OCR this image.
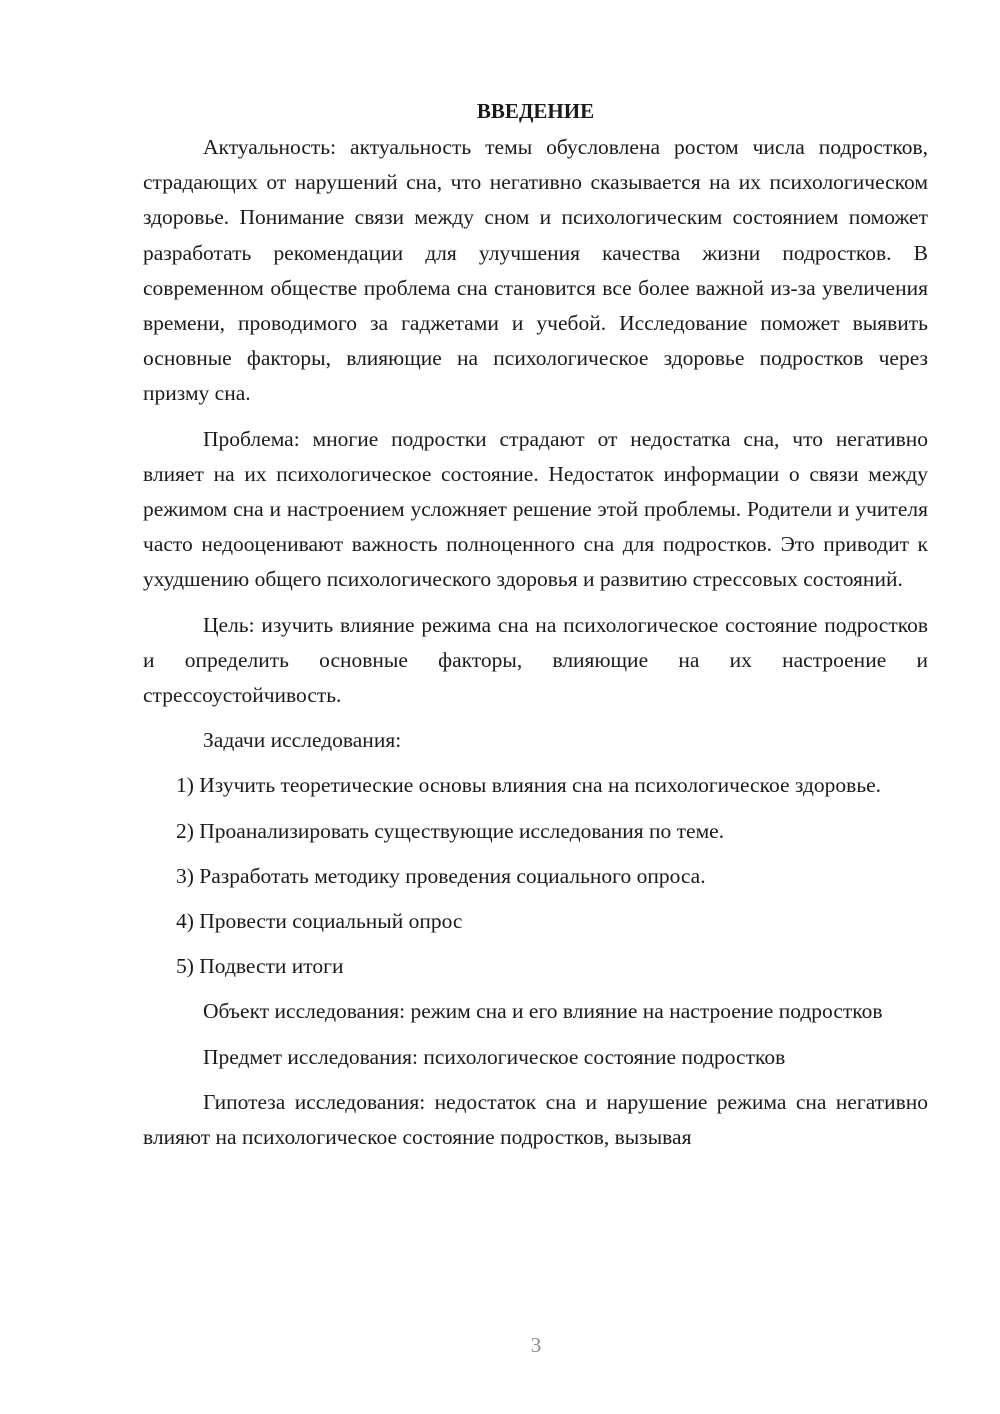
ВВЕДЕНИЕ

Актуальность: актуальность темы обусловлена ростом числа подростков, страдающих от нарушений сна, что негативно сказывается на их психологическом здоровье. Понимание связи между сном и психологическим состоянием поможет разработать рекомендации для улучшения качества жизни подростков. В современном обществе проблема сна становится все более важной из-за увеличения времени, проводимого за гаджетами и учебой. Исследование поможет выявить основные факторы, влияющие на психологическое здоровье подростков через призму сна.

Проблема: многие подростки страдают от недостатка сна, что негативно влияет на их психологическое состояние. Недостаток информации о связи между режимом сна и настроением усложняет решение этой проблемы. Родители и учителя часто недооценивают важность полноценного сна для подростков. Это приводит к ухудшению общего психологического здоровья и развитию стрессовых состояний.

Цель: изучить влияние режима сна на психологическое состояние подростков и определить основные факторы, влияющие на их настроение и стрессоустойчивость.

Задачи исследования:

1) Изучить теоретические основы влияния сна на психологическое здоровье.

2) Проанализировать существующие исследования по теме.

3) Разработать методику проведения социального опроса.

4) Провести социальный опрос

5) Подвести итоги

Объект исследования: режим сна и его влияние на настроение подростков

Предмет исследования: психологическое состояние подростков

Гипотеза исследования: недостаток сна и нарушение режима сна негативно влияют на психологическое состояние подростков, вызывая

3
